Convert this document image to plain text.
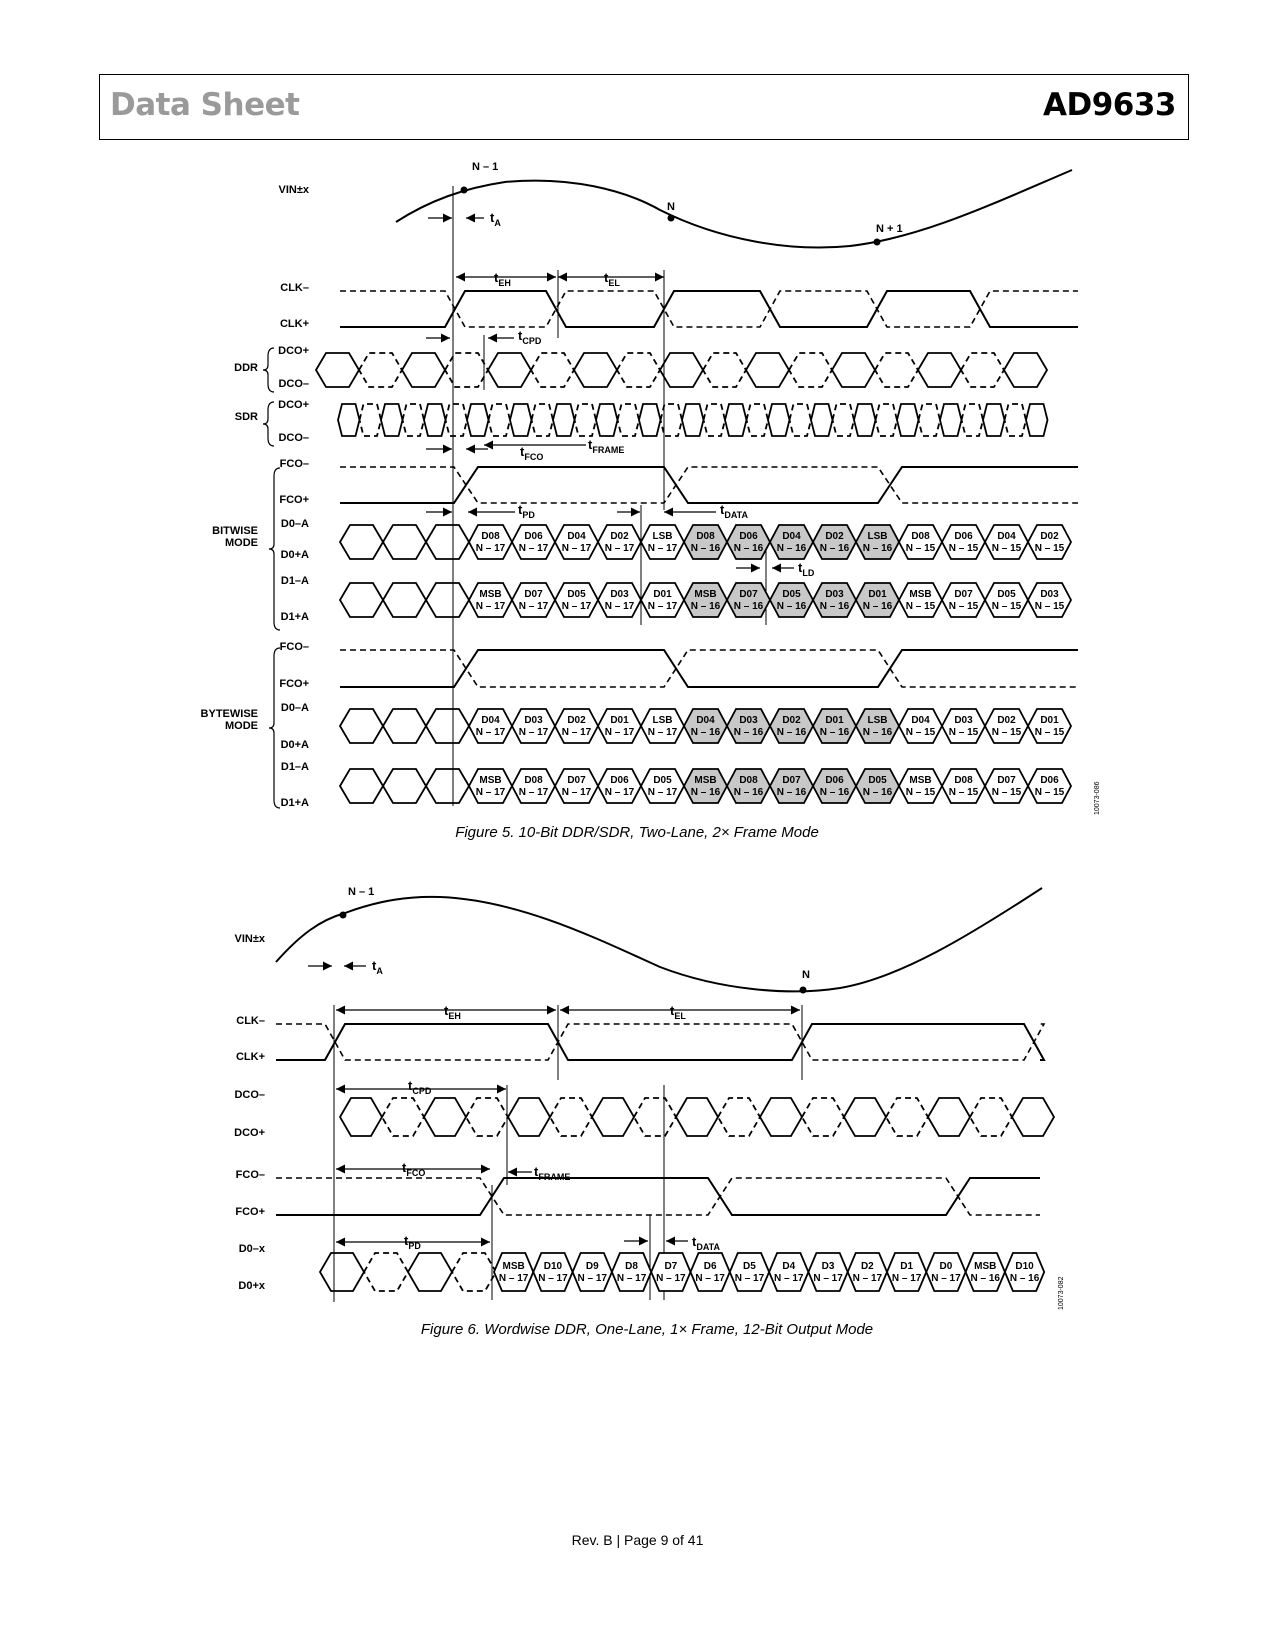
Data Sheet	AD9633
VIN±x
CLK–
CLK+
DDR
DCO+
DCO–
SDR
DCO+
DCO–
FCO–
FCO+
D0–A
D0+A
D1–A
D1+A
BITWISE
MODE
FCO–
FCO+
D0–A
D0+A
D1–A
D1+A
BYTEWISE
MODE
N – 1
N
N + 1
$t_A$
$t_{EH}$	$t_{EL}$
$t_{CPD}$
$t_{FCO}$
$t_{FRAME}$
$t_{PD}$	$t_{DATA}$
D08
N – 17
D06
N – 17
D04
N – 17
D02
N – 17
LSB
N – 17
D08
N – 16
D06
N – 16
D04
N – 16
D02
N – 16
LSB
N – 16
D08
N – 15
D06
N – 15
D04
N – 15
D02
N – 15
MSB
N – 17
D07
N – 17
D05
N – 17
D03
N – 17
D01
N – 17
MSB
N – 16
D07
N – 16
D05
N – 16
D03
N – 16
D01
N – 16
MSB
N – 15
D07
N – 15
D05
N – 15
D03
N – 15
$t_{LD}$
D04
N – 17
D03
N – 17
D02
N – 17
D01
N – 17
LSB
N – 17
D04
N – 16
D03
N – 16
D02
N – 16
D01
N – 16
LSB
N – 16
D04
N – 15
D03
N – 15
D02
N – 15
D01
N – 15
MSB
N – 17
D08
N – 17
D07
N – 17
D06
N – 17
D05
N – 17
MSB
N – 16
D08
N – 16
D07
N – 16
D06
N – 16
D05
N – 16
MSB
N – 15
D08
N – 15
D07
N – 15
D06
N – 15
VIN±x
CLK–
CLK+
DCO–
DCO+
FCO–
FCO+
D0–x
D0+x
N – 1
N
$t_A$
$t_{EH}$	$t_{EL}$
$t_{CPD}$
$t_{FCO}$	$t_{FRAME}$
$t_{PD}$	$t_{DATA}$
MSB
N – 17
D10
N – 17
D9
N – 17
D8
N – 17
D7
N – 17
D6
N – 17
D5
N – 17
D4
N – 17
D3
N – 17
D2
N – 17
D1
N – 17
D0
N – 17
MSB
N – 16
D10
N – 16
Figure 5. 10-Bit DDR/SDR, Two-Lane, 2× Frame Mode
Figure 6. Wordwise DDR, One-Lane, 1× Frame, 12-Bit Output Mode
10073-086
10073-082
Rev. B | Page 9 of 41
